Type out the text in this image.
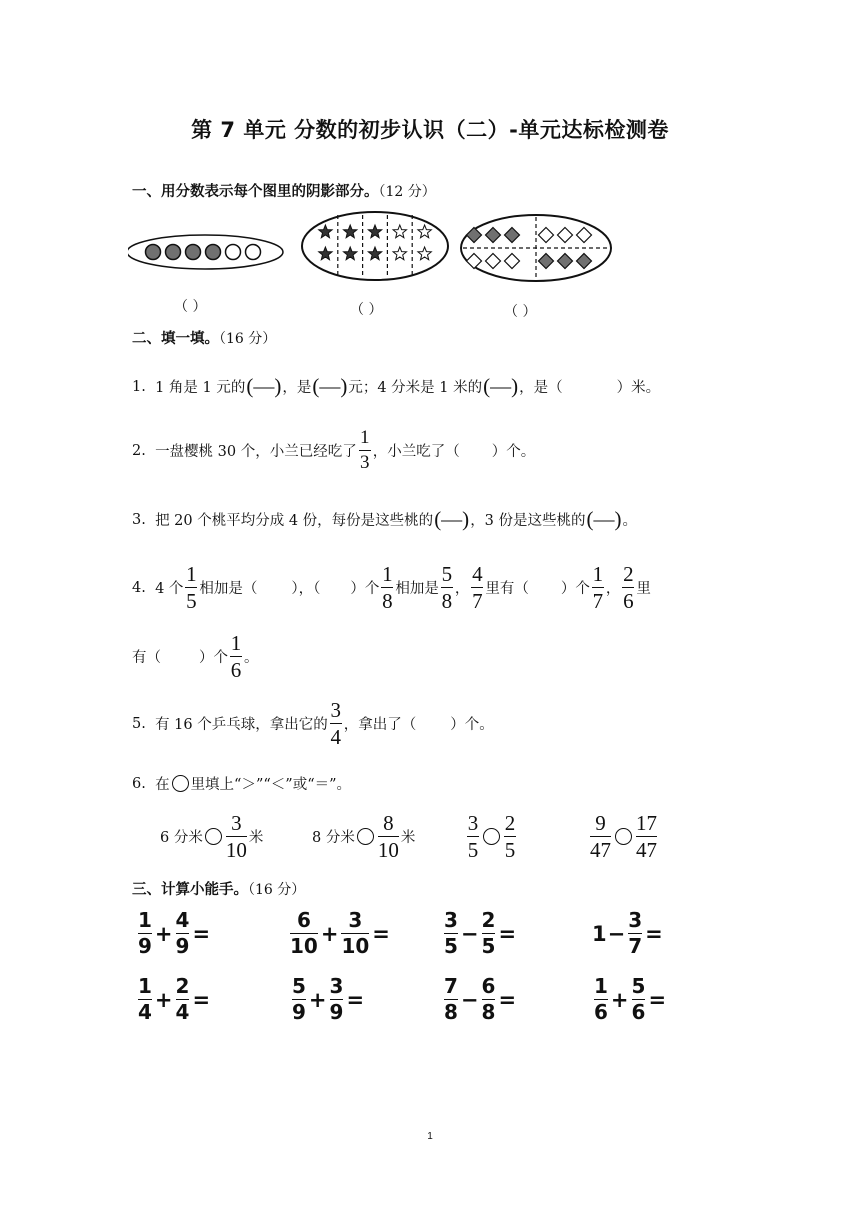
第 7 单元 分数的初步认识（二）-单元达标检测卷
一、用分数表示每个图里的阴影部分。（12 分）
（ ）	（ ）	（ ）
二、填一填。（16 分）
1.
1 角是 1 元的 (—) ，是 (—) 元；4 分米是 1 米的 (—) ，是（	）米。
2.
一盘樱桃 30 个，小兰已经吃了 $\frac{1}{3}$ ，小兰吃了（ ）个。
3.
把 20 个桃平均分成 4 份，每份是这些桃的 (—) ，3 份是这些桃的 (—) 。
4.
4 个 $\frac{1}{5}$ 相加是（ ），（ ）个 $\frac{1}{8}$ 相加是 $\frac{5}{8}$ ， $\frac{4}{7}$ 里有（ ）个 $\frac{1}{7}$ ， $\frac{2}{6}$ 里
有（	）个 $\frac{1}{6}$ 。
5.
有 16 个乒乓球，拿出它的 $\frac{3}{4}$ ，拿出了（ ）个。
6.
在 里填上“＞”“＜”或“＝”。
6 分米 $\frac{3}{10}$ 米	8 分米 $\frac{8}{10}$ 米 $\frac{3}{5} \frac{2}{5}$	$\frac{9}{47} \frac{17}{47}$
三、计算小能手。（16 分）
$\frac{1}{9} + \frac{4}{9}$ =	$\frac{6}{10} + \frac{3}{10}$ =	$\frac{3}{5} - \frac{2}{5}$ =	$1 - \frac{3}{7}$ =
$\frac{1}{4} + \frac{2}{4}$ =	$\frac{5}{9} + \frac{3}{9}$ =	$\frac{7}{8} - \frac{6}{8}$ =	$\frac{1}{6} + \frac{5}{6}$ =
1
